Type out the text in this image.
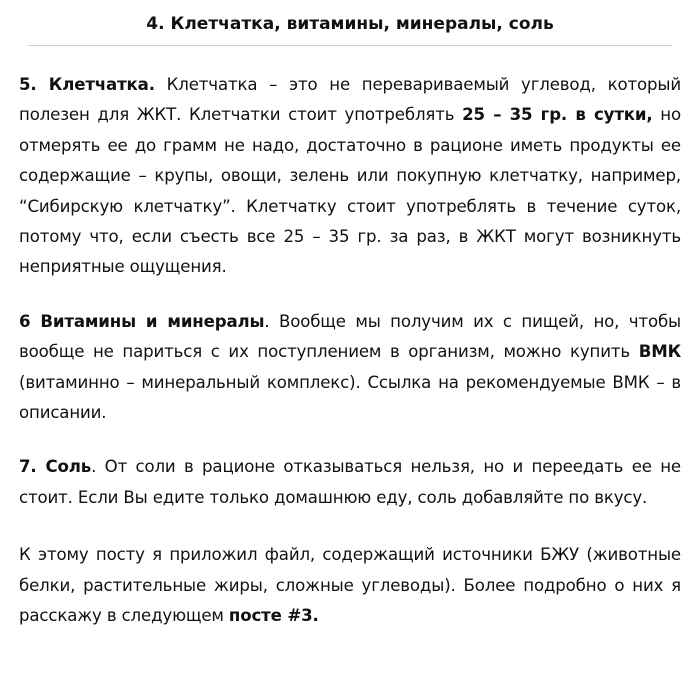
4. Клетчатка, витамины, минералы, соль

5. Клетчатка. Клетчатка – это не перевариваемый углевод, который полезен для ЖКТ. Клетчатки стоит употреблять 25 – 35 гр. в сутки, но отмерять ее до грамм не надо, достаточно в рационе иметь продукты ее содержащие – крупы, овощи, зелень или покупную клетчатку, например, “Сибирскую клетчатку”. Клетчатку стоит употреблять в течение суток, потому что, если съесть все 25 – 35 гр. за раз, в ЖКТ могут возникнуть неприятные ощущения.

6 Витамины и минералы. Вообще мы получим их с пищей, но, чтобы вообще не париться с их поступлением в организм, можно купить ВМК (витаминно – минеральный комплекс). Ссылка на рекомендуемые ВМК – в описании.

7. Соль. От соли в рационе отказываться нельзя, но и переедать ее не стоит. Если Вы едите только домашнюю еду, соль добавляйте по вкусу.

К этому посту я приложил файл, содержащий источники БЖУ (животные белки, растительные жиры, сложные углеводы). Более подробно о них я расскажу в следующем посте #3.
